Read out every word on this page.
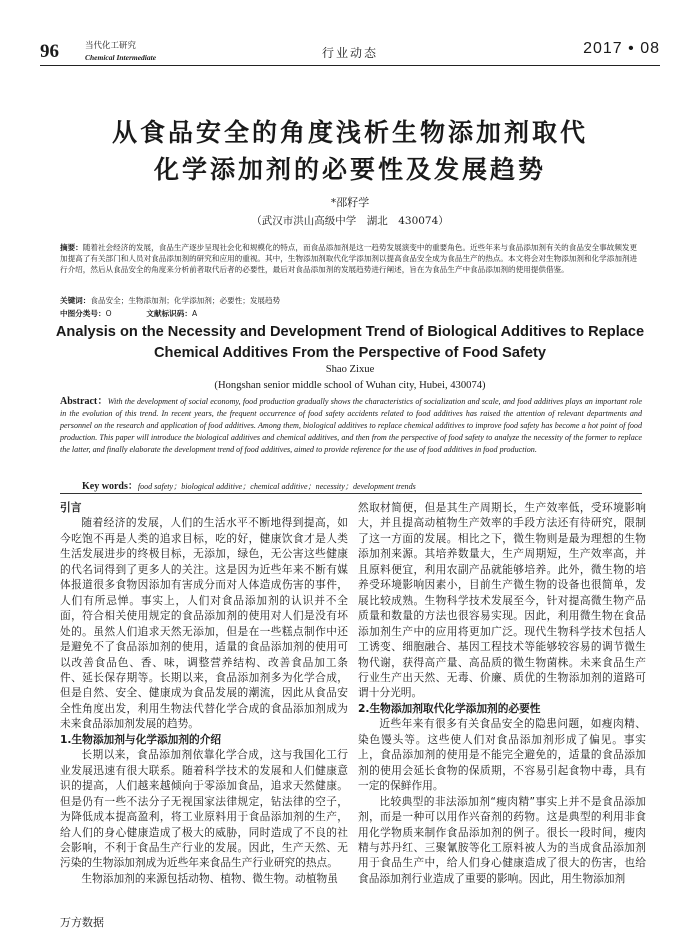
96	当代化工研究
Chemical Intermediate	行业动态	2017 • 08
从食品安全的角度浅析生物添加剂取代
化学添加剂的必要性及发展趋势
*邵籽学
（武汉市洪山高级中学　湖北　430074）
摘要：随着社会经济的发展，食品生产逐步呈现社会化和规模化的特点，而食品添加剂是这一趋势发展演变中的重要角色。近些年来与食品添加剂有关的食品安全事故频发更加提高了有关部门和人员对食品添加剂的研究和应用的重视。其中，生物添加剂取代化学添加剂以提高食品安全成为食品生产的热点。本文将会对生物添加剂和化学添加剂进行介绍，然后从食品安全的角度来分析前者取代后者的必要性，最后对食品添加剂的发展趋势进行阐述，旨在为食品生产中食品添加剂的使用提供借鉴。
关键词：食品安全；生物添加剂；化学添加剂；必要性；发展趋势
中图分类号：O	文献标识码：A
Analysis on the Necessity and Development Trend of Biological Additives to Replace
Chemical Additives From the Perspective of Food Safety
Shao Zixue
(Hongshan senior middle school of Wuhan city, Hubei, 430074)
Abstract：With the development of social economy, food production gradually shows the characteristics of socialization and scale, and food additives plays an important role in the evolution of this trend. In recent years, the frequent occurrence of food safety accidents related to food additives has raised the attention of relevant departments and personnel on the research and application of food additives. Among them, biological additives to replace chemical additives to improve food safety has become a hot point of food production. This paper will introduce the biological additives and chemical additives, and then from the perspective of food safety to analyze the necessity of the former to replace the latter, and finally elaborate the development trend of food additives, aimed to provide reference for the use of food additives in food production.
Key words：food safety；biological additive；chemical additive；necessity；development trends

引言

随着经济的发展，人们的生活水平不断地得到提高，如今吃饱不再是人类的追求目标，吃的好，健康饮食才是人类生活发展进步的终极目标，无添加，绿色，无公害这些健康的代名词得到了更多人的关注。这是因为近些年来不断有媒体报道很多食物因添加有害成分而对人体造成伤害的事件，人们有所忌惮。事实上，人们对食品添加剂的认识并不全面，符合相关使用规定的食品添加剂的使用对人们是没有坏处的。虽然人们追求天然无添加，但是在一些糕点制作中还是避免不了食品添加剂的使用，适量的食品添加剂的使用可以改善食品色、香、味，调整营养结构、改善食品加工条件、延长保存期等。长期以来，食品添加剂多为化学合成，但是自然、安全、健康成为食品发展的潮流，因此从食品安全性角度出发，利用生物法代替化学合成的食品添加剂成为未来食品添加剂发展的趋势。

1.生物添加剂与化学添加剂的介绍

长期以来，食品添加剂依靠化学合成，这与我国化工行业发展迅速有很大联系。随着科学技术的发展和人们健康意识的提高，人们越来越倾向于零添加食品，追求天然健康。但是仍有一些不法分子无视国家法律规定，钻法律的空子，为降低成本提高盈利，将工业原料用于食品添加剂的生产，给人们的身心健康造成了极大的威胁，同时造成了不良的社会影响，不利于食品生产行业的发展。因此，生产天然、无污染的生物添加剂成为近些年来食品生产行业研究的热点。

生物添加剂的来源包括动物、植物、微生物。动植物虽

然取材简便，但是其生产周期长，生产效率低，受环境影响大，并且提高动植物生产效率的手段方法还有待研究，限制了这一方面的发展。相比之下，微生物则是最为理想的生物添加剂来源。其培养数量大，生产周期短，生产效率高，并且原料便宜，利用农副产品就能够培养。此外，微生物的培养受环境影响因素小，目前生产微生物的设备也很简单，发展比较成熟。生物科学技术发展至今，针对提高微生物产品质量和数量的方法也很容易实现。因此，利用微生物在食品添加剂生产中的应用将更加广泛。现代生物科学技术包括人工诱变、细胞融合、基因工程技术等能够较容易的调节微生物代谢，获得高产量、高品质的微生物菌株。未来食品生产行业生产出天然、无毒、价廉、质优的生物添加剂的道路可谓十分光明。

2.生物添加剂取代化学添加剂的必要性

近些年来有很多有关食品安全的隐患问题，如瘦肉精、染色馒头等。这些使人们对食品添加剂形成了偏见。事实上，食品添加剂的使用是不能完全避免的，适量的食品添加剂的使用会延长食物的保质期，不容易引起食物中毒，具有一定的保鲜作用。

比较典型的非法添加剂“瘦肉精”事实上并不是食品添加剂，而是一种可以用作兴奋剂的药物。这是典型的利用非食用化学物质来制作食品添加剂的例子。很长一段时间，瘦肉精与苏丹红、三聚氰胺等化工原料被人为的当成食品添加剂用于食品生产中，给人们身心健康造成了很大的伤害，也给食品添加剂行业造成了重要的影响。因此，用生物添加剂

万方数据
